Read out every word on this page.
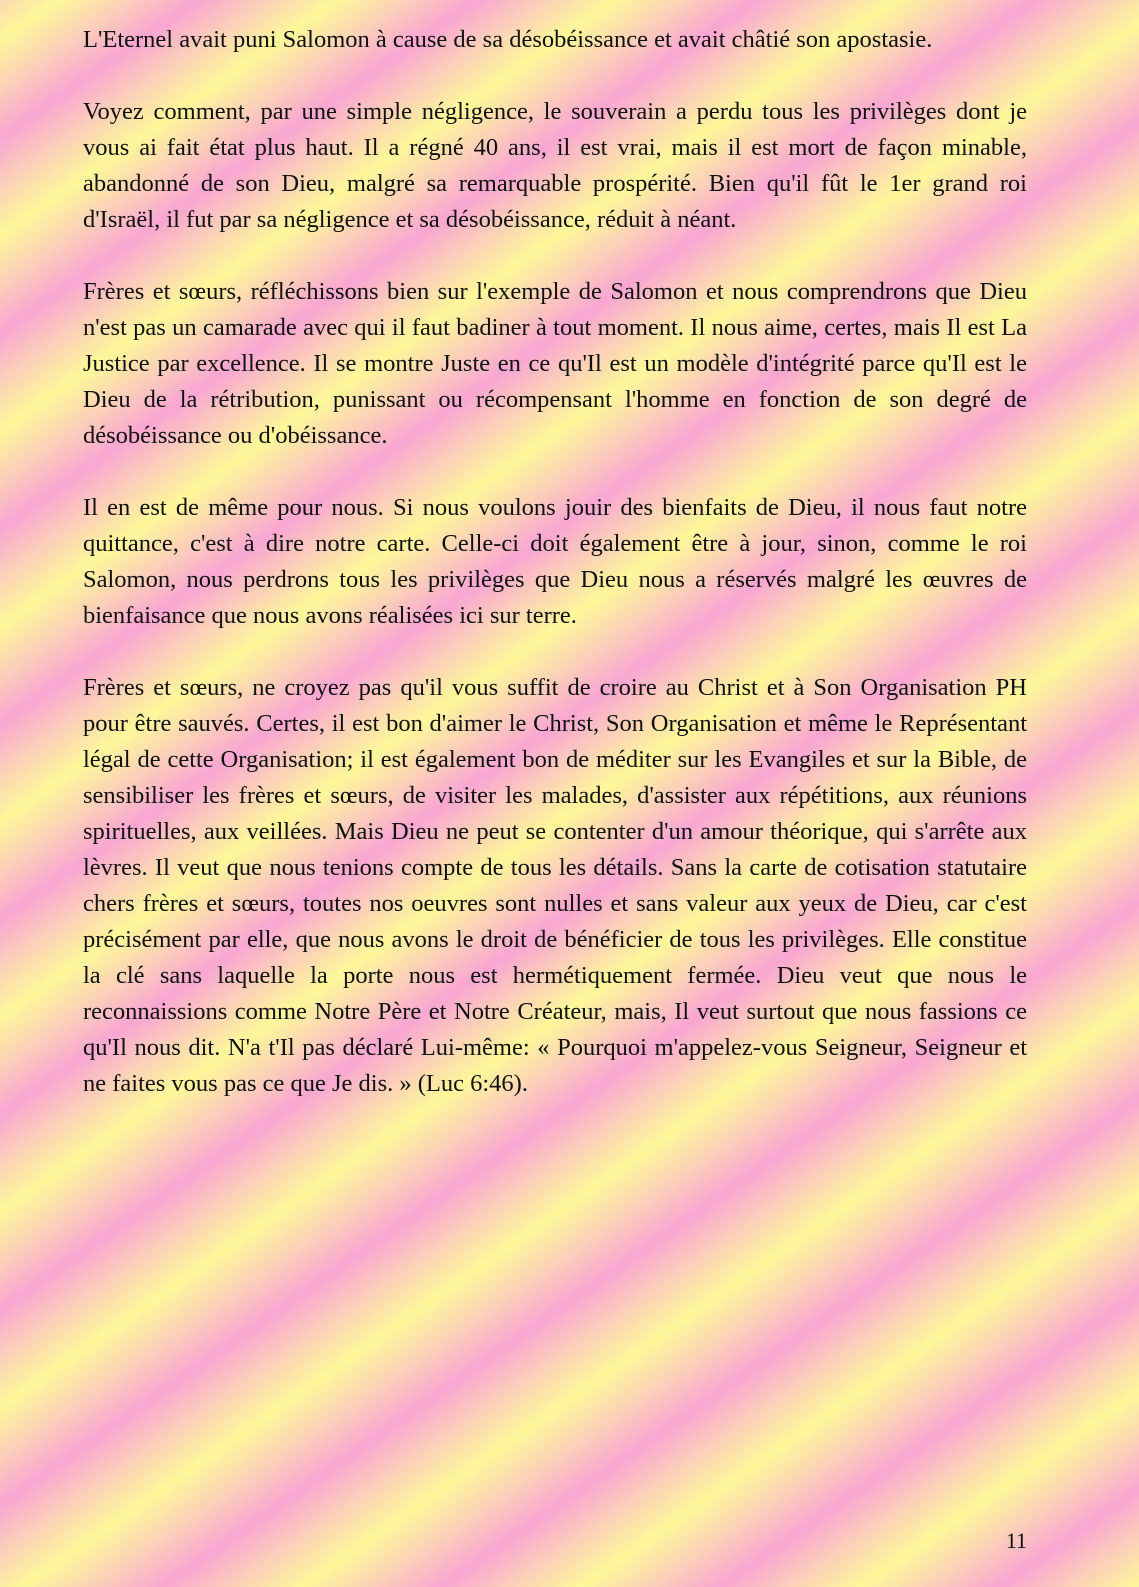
L'Eternel avait puni Salomon à cause de sa désobéissance et avait châtié son apostasie.

Voyez comment, par une simple négligence, le souverain a perdu tous les privilèges dont je vous ai fait état plus haut. Il a régné 40 ans, il est vrai, mais il est mort de façon minable, abandonné de son Dieu, malgré sa remarquable prospérité. Bien qu'il fût le 1er grand roi d'Israël, il fut par sa négligence et sa désobéissance, réduit à néant.

Frères et sœurs, réfléchissons bien sur l'exemple de Salomon et nous comprendrons que Dieu n'est pas un camarade avec qui il faut badiner à tout moment. Il nous aime, certes, mais Il est La Justice par excellence. Il se montre Juste en ce qu'Il est un modèle d'intégrité parce qu'Il est le Dieu de la rétribution, punissant ou récompensant l'homme en fonction de son degré de désobéissance ou d'obéissance.

Il en est de même pour nous. Si nous voulons jouir des bienfaits de Dieu, il nous faut notre quittance, c'est à dire notre carte. Celle-ci doit également être à jour, sinon, comme le roi Salomon, nous perdrons tous les privilèges que Dieu nous a réservés malgré les œuvres de bienfaisance que nous avons réalisées ici sur terre.

Frères et sœurs, ne croyez pas qu'il vous suffit de croire au Christ et à Son Organisation PH pour être sauvés. Certes, il est bon d'aimer le Christ, Son Organisation et même le Représentant légal de cette Organisation; il est également bon de méditer sur les Evangiles et sur la Bible, de sensibiliser les frères et sœurs, de visiter les malades, d'assister aux répétitions, aux réunions spirituelles, aux veillées. Mais Dieu ne peut se contenter d'un amour théorique, qui s'arrête aux lèvres. Il veut que nous tenions compte de tous les détails. Sans la carte de cotisation statutaire chers frères et sœurs, toutes nos oeuvres sont nulles et sans valeur aux yeux de Dieu, car c'est précisément par elle, que nous avons le droit de bénéficier de tous les privilèges. Elle constitue la clé sans laquelle la porte nous est hermétiquement fermée. Dieu veut que nous le reconnaissions comme Notre Père et Notre Créateur, mais, Il veut surtout que nous fassions ce qu'Il nous dit. N'a t'Il pas déclaré Lui-même: « Pourquoi m'appelez-vous Seigneur, Seigneur et ne faites vous pas ce que Je dis. » (Luc 6:46).

11
